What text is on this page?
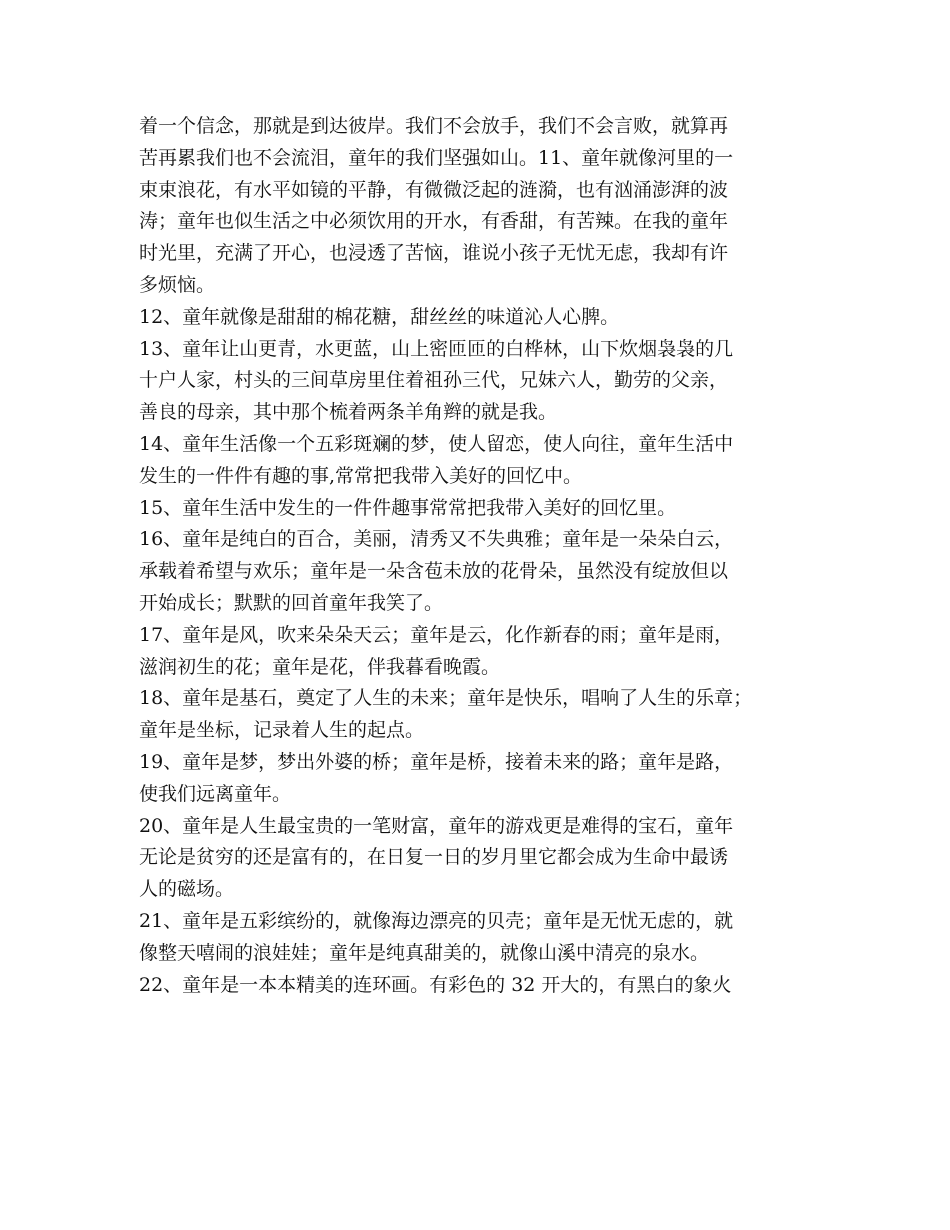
着一个信念，那就是到达彼岸。我们不会放手，我们不会言败，就算再
苦再累我们也不会流泪，童年的我们坚强如山。11、童年就像河里的一
束束浪花，有水平如镜的平静，有微微泛起的涟漪，也有汹涌澎湃的波
涛；童年也似生活之中必须饮用的开水，有香甜，有苦辣。在我的童年
时光里，充满了开心，也浸透了苦恼，谁说小孩子无忧无虑，我却有许
多烦恼。

12、童年就像是甜甜的棉花糖，甜丝丝的味道沁人心脾。

13、童年让山更青，水更蓝，山上密匝匝的白桦林，山下炊烟袅袅的几
十户人家，村头的三间草房里住着祖孙三代，兄妹六人，勤劳的父亲，
善良的母亲，其中那个梳着两条羊角辫的就是我。

14、童年生活像一个五彩斑斓的梦，使人留恋，使人向往，童年生活中
发生的一件件有趣的事,常常把我带入美好的回忆中。

15、童年生活中发生的一件件趣事常常把我带入美好的回忆里。

16、童年是纯白的百合，美丽，清秀又不失典雅；童年是一朵朵白云，
承载着希望与欢乐；童年是一朵含苞未放的花骨朵，虽然没有绽放但以
开始成长；默默的回首童年我笑了。

17、童年是风，吹来朵朵天云；童年是云，化作新春的雨；童年是雨，
滋润初生的花；童年是花，伴我暮看晚霞。

18、童年是基石，奠定了人生的未来；童年是快乐，唱响了人生的乐章；
童年是坐标，记录着人生的起点。

19、童年是梦，梦出外婆的桥；童年是桥，接着未来的路；童年是路，
使我们远离童年。

20、童年是人生最宝贵的一笔财富，童年的游戏更是难得的宝石，童年
无论是贫穷的还是富有的，在日复一日的岁月里它都会成为生命中最诱
人的磁场。

21、童年是五彩缤纷的，就像海边漂亮的贝壳；童年是无忧无虑的，就
像整天嘻闹的浪娃娃；童年是纯真甜美的，就像山溪中清亮的泉水。

22、童年是一本本精美的连环画。有彩色的 32 开大的，有黑白的象火
